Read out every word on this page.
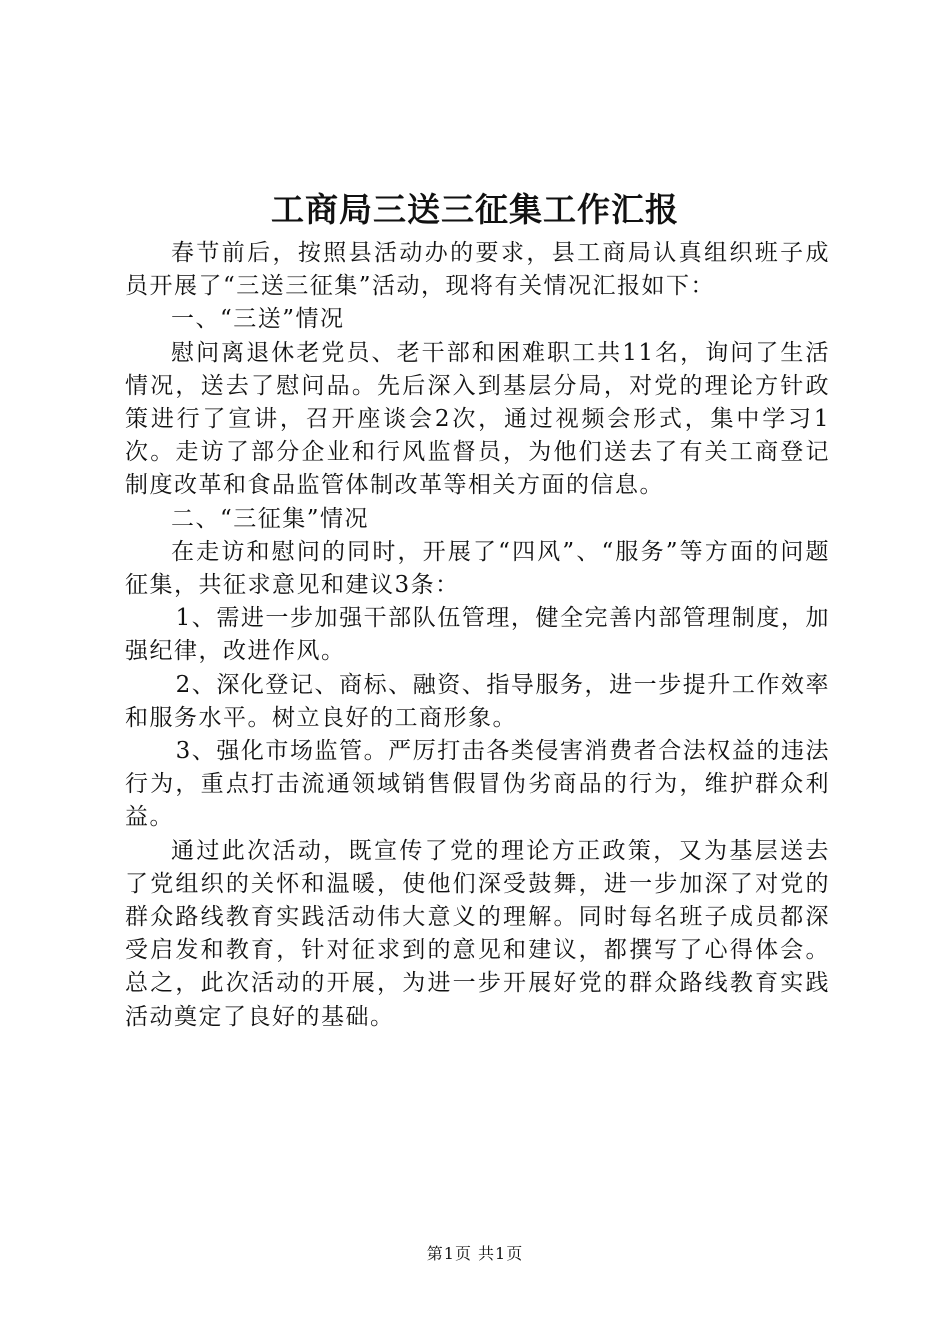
工商局三送三征集工作汇报

春节前后，按照县活动办的要求，县工商局认真组织班子成员开展了“三送三征集”活动，现将有关情况汇报如下：

一、“三送”情况

慰问离退休老党员、老干部和困难职工共11名，询问了生活情况，送去了慰问品。先后深入到基层分局，对党的理论方针政策进行了宣讲，召开座谈会2次，通过视频会形式，集中学习1次。走访了部分企业和行风监督员，为他们送去了有关工商登记制度改革和食品监管体制改革等相关方面的信息。

二、“三征集”情况

在走访和慰问的同时，开展了“四风”、“服务”等方面的问题征集，共征求意见和建议3条：

1、需进一步加强干部队伍管理，健全完善内部管理制度，加强纪律，改进作风。

2、深化登记、商标、融资、指导服务，进一步提升工作效率和服务水平。树立良好的工商形象。

3、强化市场监管。严厉打击各类侵害消费者合法权益的违法行为，重点打击流通领域销售假冒伪劣商品的行为，维护群众利益。

通过此次活动，既宣传了党的理论方正政策，又为基层送去了党组织的关怀和温暖，使他们深受鼓舞，进一步加深了对党的群众路线教育实践活动伟大意义的理解。同时每名班子成员都深受启发和教育，针对征求到的意见和建议，都撰写了心得体会。总之，此次活动的开展，为进一步开展好党的群众路线教育实践活动奠定了良好的基础。

第1页 共1页
